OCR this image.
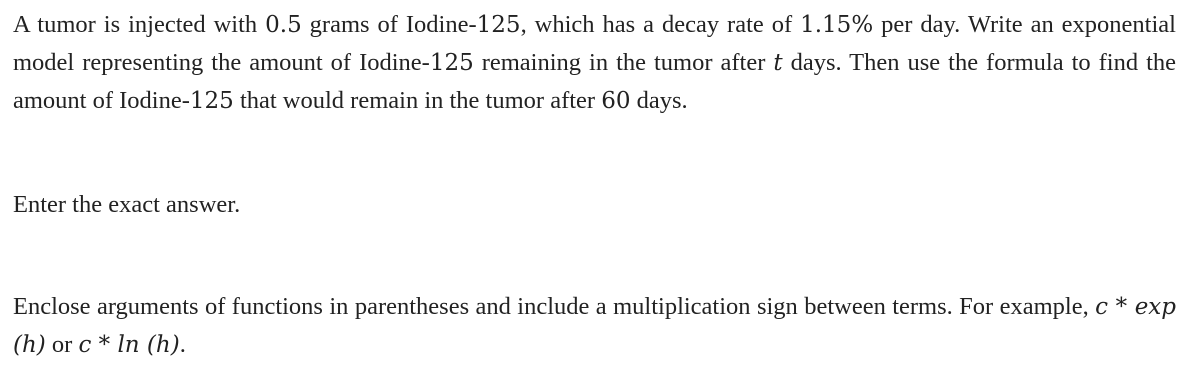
A tumor is injected with 0.5 grams of Iodine-125, which has a decay rate of 1.15% per day. Write an exponential model representing the amount of Iodine-125 remaining in the tumor after t days. Then use the formula to find the amount of Iodine-125 that would remain in the tumor after 60 days.

Enter the exact answer.

Enclose arguments of functions in parentheses and include a multiplication sign between terms. For example, c * exp (h) or c * ln (h).
